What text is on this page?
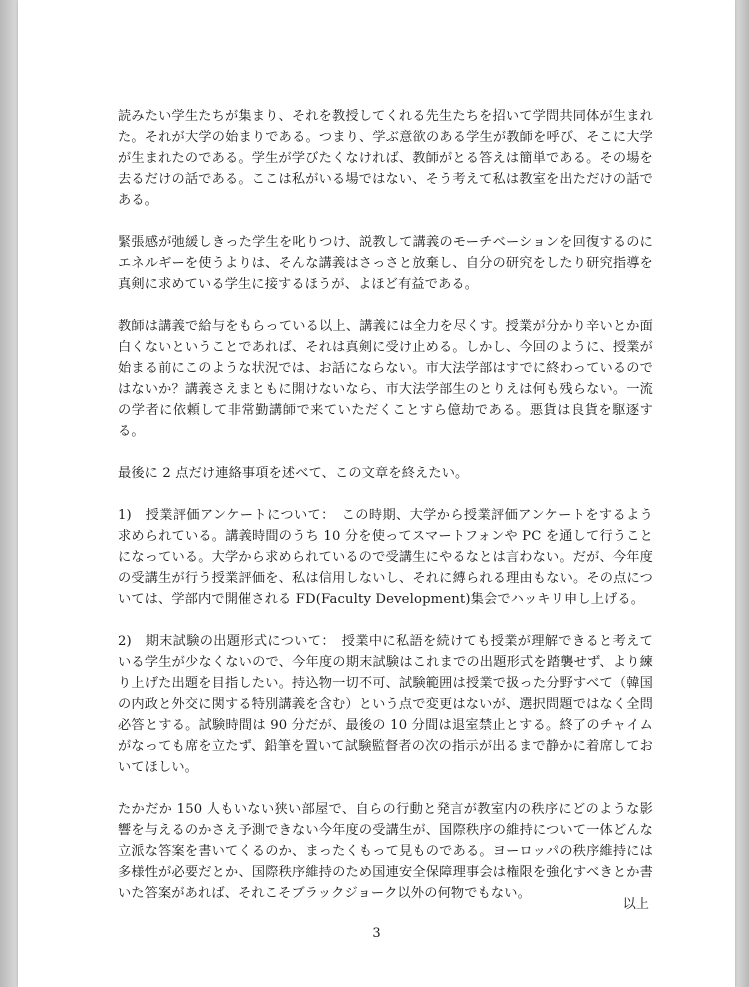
読みたい学生たちが集まり、それを教授してくれる先生たちを招いて学問共同体が生まれた。それが大学の始まりである。つまり、学ぶ意欲のある学生が教師を呼び、そこに大学が生まれたのである。学生が学びたくなければ、教師がとる答えは簡単である。その場を去るだけの話である。ここは私がいる場ではない、そう考えて私は教室を出ただけの話である。

緊張感が弛緩しきった学生を叱りつけ、説教して講義のモーチベーションを回復するのにエネルギーを使うよりは、そんな講義はさっさと放棄し、自分の研究をしたり研究指導を真剣に求めている学生に接するほうが、よほど有益である。

教師は講義で給与をもらっている以上、講義には全力を尽くす。授業が分かり辛いとか面白くないということであれば、それは真剣に受け止める。しかし、今回のように、授業が始まる前にこのような状況では、お話にならない。市大法学部はすでに終わっているのではないか？講義さえまともに開けないなら、市大法学部生のとりえは何も残らない。一流の学者に依頼して非常勤講師で来ていただくことすら億劫である。悪貨は良貨を駆逐する。

最後に 2 点だけ連絡事項を述べて、この文章を終えたい。

1)　授業評価アンケートについて：　この時期、大学から授業評価アンケートをするよう求められている。講義時間のうち 10 分を使ってスマートフォンや PC を通して行うことになっている。大学から求められているので受講生にやるなとは言わない。だが、今年度の受講生が行う授業評価を、私は信用しないし、それに縛られる理由もない。その点については、学部内で開催される FD(Faculty Development)集会でハッキリ申し上げる。

2)　期末試験の出題形式について：　授業中に私語を続けても授業が理解できると考えている学生が少なくないので、今年度の期末試験はこれまでの出題形式を踏襲せず、より練り上げた出題を目指したい。持込物一切不可、試験範囲は授業で扱った分野すべて（韓国の内政と外交に関する特別講義を含む）という点で変更はないが、選択問題ではなく全問必答とする。試験時間は 90 分だが、最後の 10 分間は退室禁止とする。終了のチャイムがなっても席を立たず、鉛筆を置いて試験監督者の次の指示が出るまで静かに着席しておいてほしい。

たかだか 150 人もいない狭い部屋で、自らの行動と発言が教室内の秩序にどのような影響を与えるのかさえ予測できない今年度の受講生が、国際秩序の維持について一体どんな立派な答案を書いてくるのか、まったくもって見ものである。ヨーロッパの秩序維持には多様性が必要だとか、国際秩序維持のため国連安全保障理事会は権限を強化すべきとか書いた答案があれば、それこそブラックジョーク以外の何物でもない。

以上
3
